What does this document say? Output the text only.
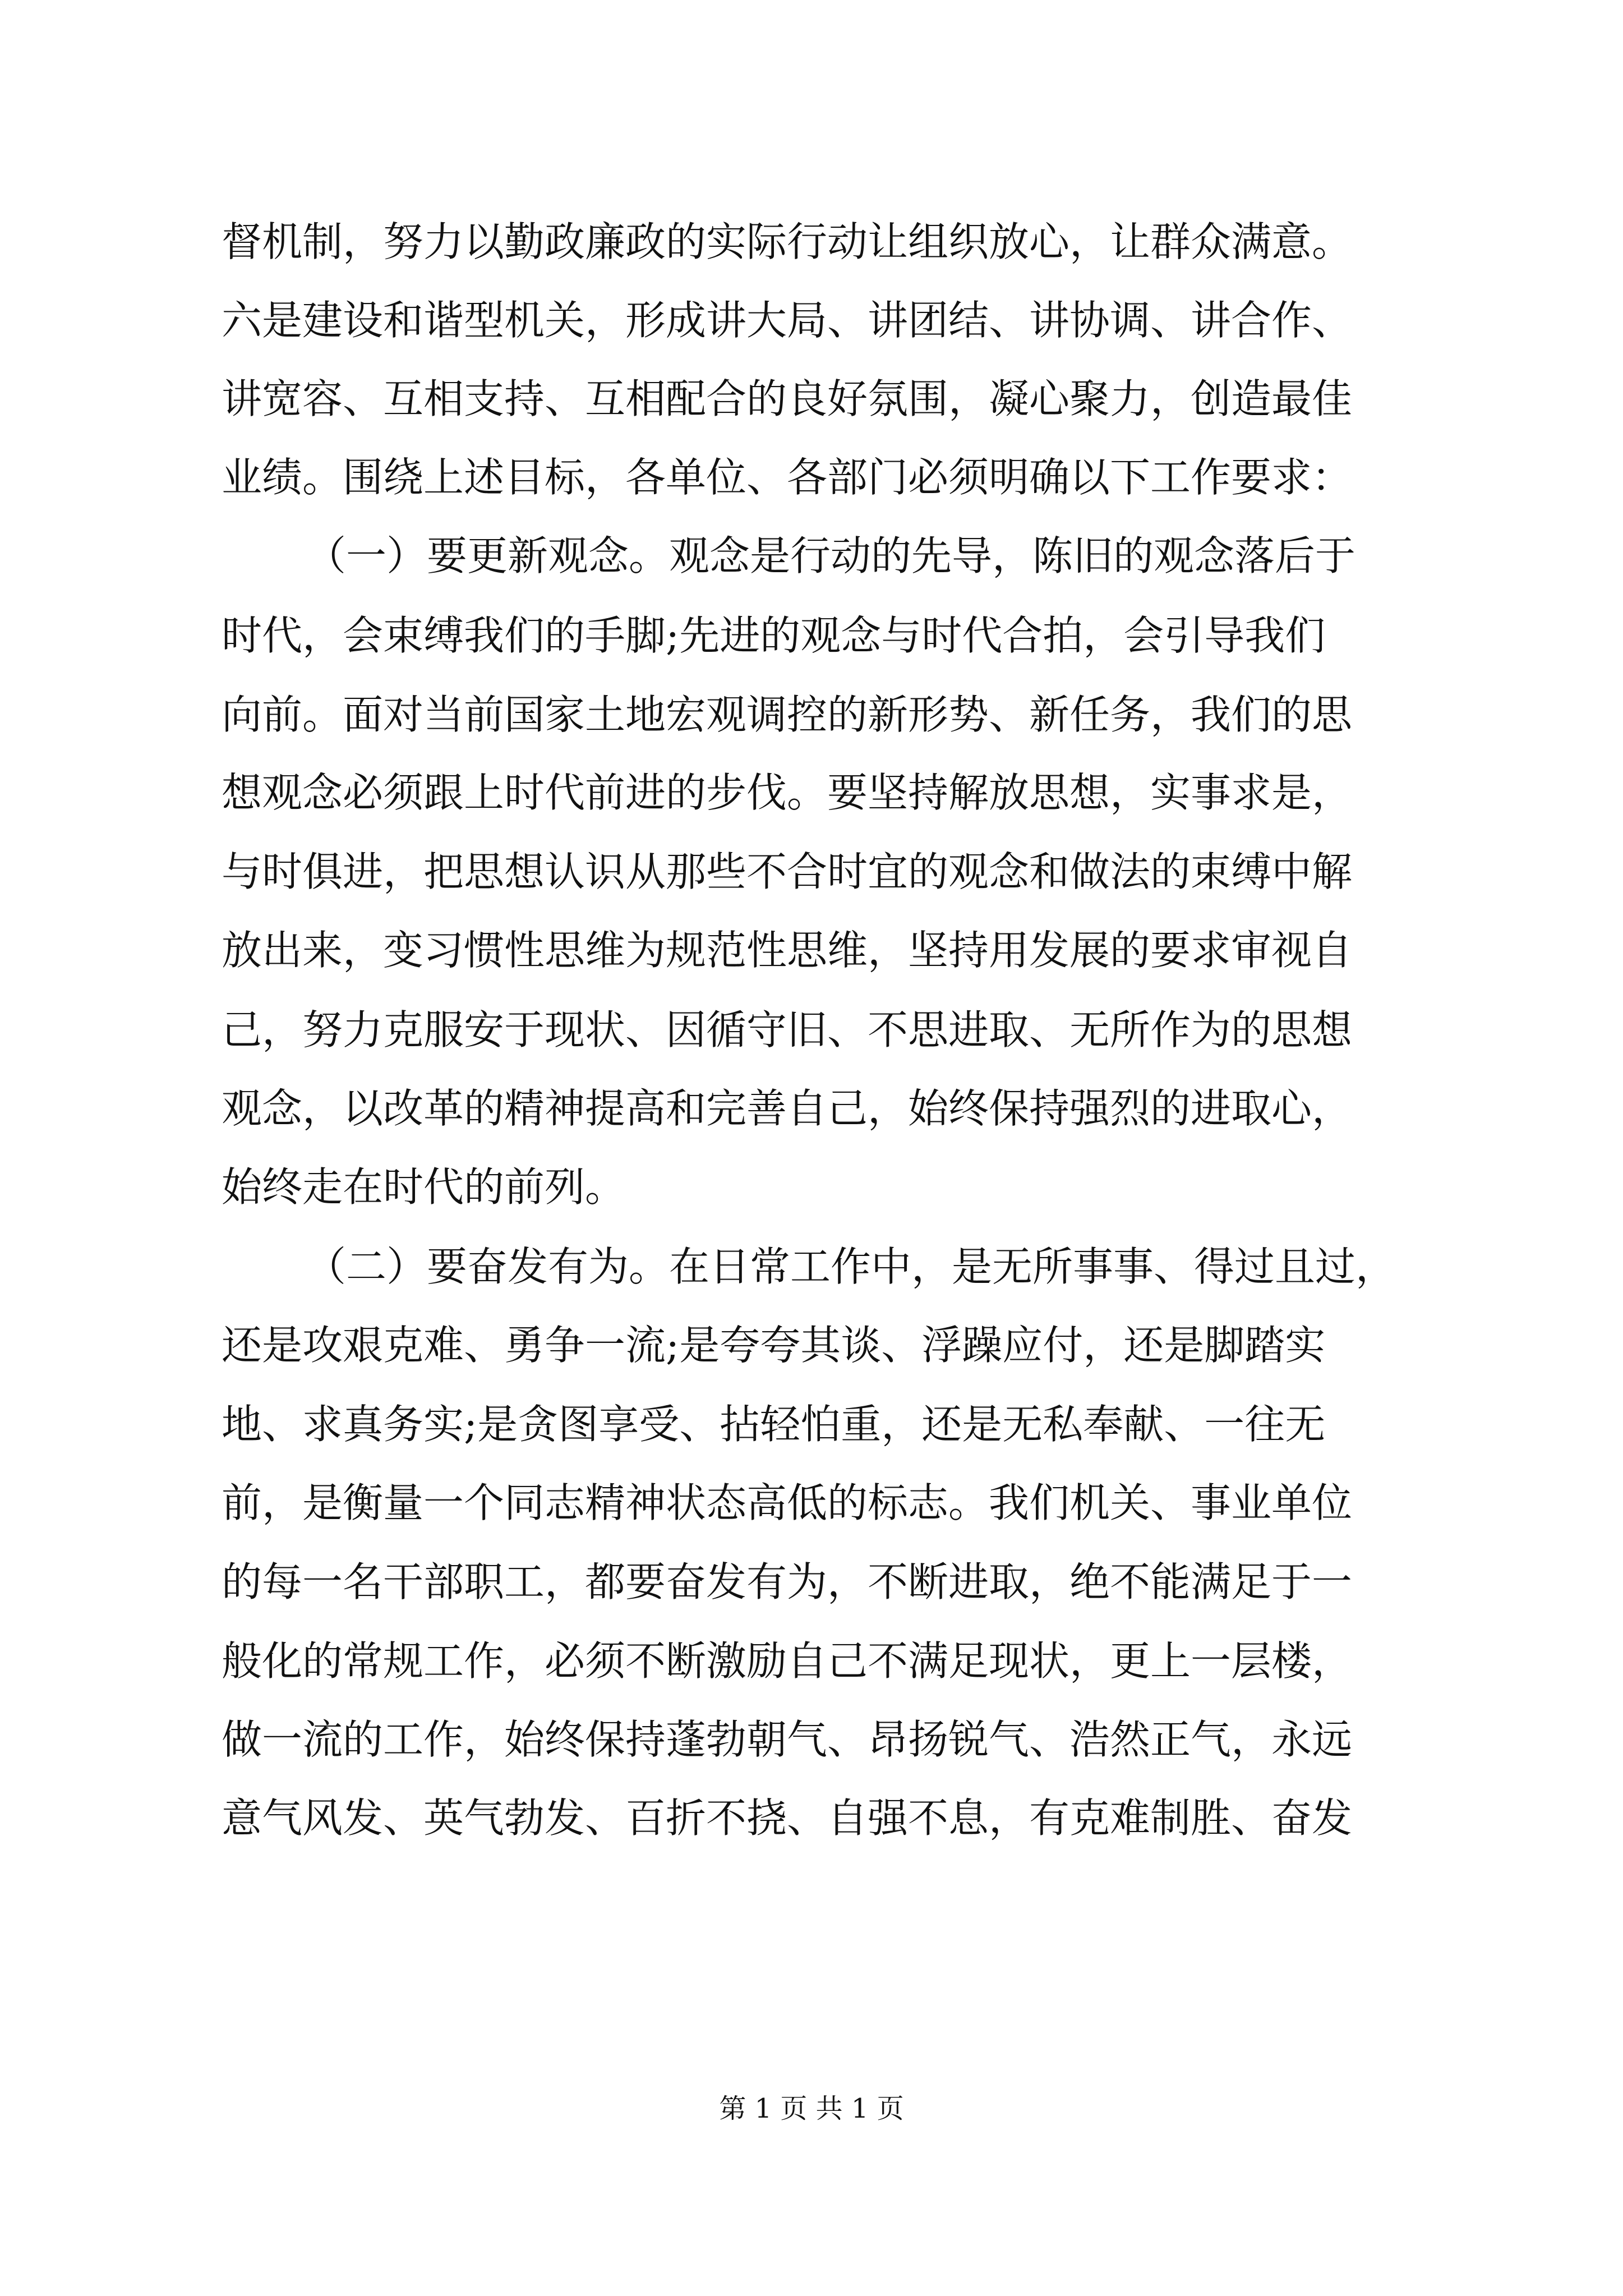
督机制，努力以勤政廉政的实际行动让组织放心，让群众满意。
六是建设和谐型机关，形成讲大局、讲团结、讲协调、讲合作、
讲宽容、互相支持、互相配合的良好氛围，凝心聚力，创造最佳
业绩。围绕上述目标，各单位、各部门必须明确以下工作要求：
（一）要更新观念。观念是行动的先导，陈旧的观念落后于
时代，会束缚我们的手脚;先进的观念与时代合拍，会引导我们
向前。面对当前国家土地宏观调控的新形势、新任务，我们的思
想观念必须跟上时代前进的步伐。要坚持解放思想，实事求是，
与时俱进，把思想认识从那些不合时宜的观念和做法的束缚中解
放出来，变习惯性思维为规范性思维，坚持用发展的要求审视自
己，努力克服安于现状、因循守旧、不思进取、无所作为的思想
观念，以改革的精神提高和完善自己，始终保持强烈的进取心，
始终走在时代的前列。
（二）要奋发有为。在日常工作中，是无所事事、得过且过，
还是攻艰克难、勇争一流;是夸夸其谈、浮躁应付，还是脚踏实
地、求真务实;是贪图享受、拈轻怕重，还是无私奉献、一往无
前，是衡量一个同志精神状态高低的标志。我们机关、事业单位
的每一名干部职工，都要奋发有为，不断进取，绝不能满足于一
般化的常规工作，必须不断激励自己不满足现状，更上一层楼，
做一流的工作，始终保持蓬勃朝气、昂扬锐气、浩然正气，永远
意气风发、英气勃发、百折不挠、自强不息，有克难制胜、奋发
第 1 页 共 1 页
